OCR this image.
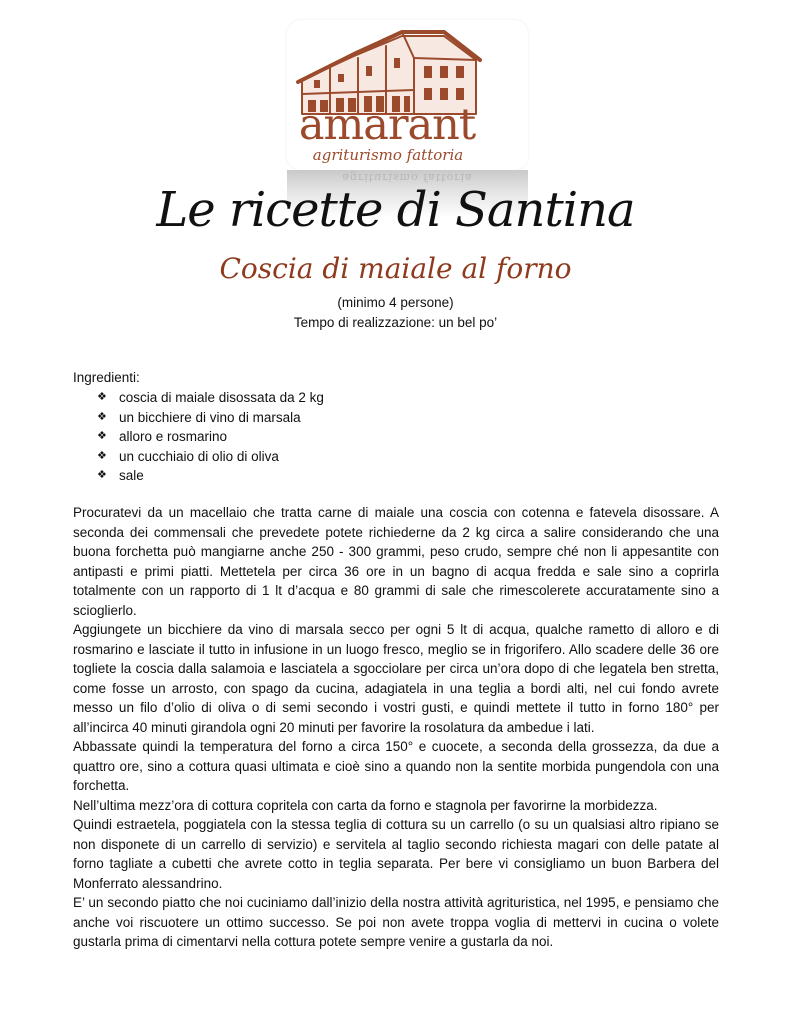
agriturismo fattoria
amarant
agriturismo fattoria
Le ricette di Santina
Coscia di maiale al forno
(minimo 4 persone)
Tempo di realizzazione: un bel po’
Ingredienti:
❖ coscia di maiale disossata da 2 kg
❖ un bicchiere di vino di marsala
❖ alloro e rosmarino
❖ un cucchiaio di olio di oliva
❖ sale

Procuratevi da un macellaio che tratta carne di maiale una coscia con cotenna e fatevela disossare. A seconda dei commensali che prevedete potete richiederne da 2 kg circa a salire considerando che una buona forchetta può mangiarne anche 250 - 300 grammi, peso crudo, sempre ché non li appesantite con antipasti e primi piatti. Mettetela per circa 36 ore in un bagno di acqua fredda e sale sino a coprirla totalmente con un rapporto di 1 lt d’acqua e 80 grammi di sale che rimescolerete accuratamente sino a scioglierlo.

Aggiungete un bicchiere da vino di marsala secco per ogni 5 lt di acqua, qualche rametto di alloro e di rosmarino e lasciate il tutto in infusione in un luogo fresco, meglio se in frigorifero. Allo scadere delle 36 ore togliete la coscia dalla salamoia e lasciatela a sgocciolare per circa un’ora dopo di che legatela ben stretta, come fosse un arrosto, con spago da cucina, adagiatela in una teglia a bordi alti, nel cui fondo avrete messo un filo d’olio di oliva o di semi secondo i vostri gusti, e quindi mettete il tutto in forno 180° per all’incirca 40 minuti girandola ogni 20 minuti per favorire la rosolatura da ambedue i lati.

Abbassate quindi la temperatura del forno a circa 150° e cuocete, a seconda della grossezza, da due a quattro ore, sino a cottura quasi ultimata e cioè sino a quando non la sentite morbida pungendola con una forchetta.

Nell’ultima mezz’ora di cottura copritela con carta da forno e stagnola per favorirne la morbidezza.

Quindi estraetela, poggiatela con la stessa teglia di cottura su un carrello (o su un qualsiasi altro ripiano se non disponete di un carrello di servizio) e servitela al taglio secondo richiesta magari con delle patate al forno tagliate a cubetti che avrete cotto in teglia separata. Per bere vi consigliamo un buon Barbera del Monferrato alessandrino.

E’ un secondo piatto che noi cuciniamo dall’inizio della nostra attività agrituristica, nel 1995, e pensiamo che anche voi riscuotere un ottimo successo. Se poi non avete troppa voglia di mettervi in cucina o volete gustarla prima di cimentarvi nella cottura potete sempre venire a gustarla da noi.
